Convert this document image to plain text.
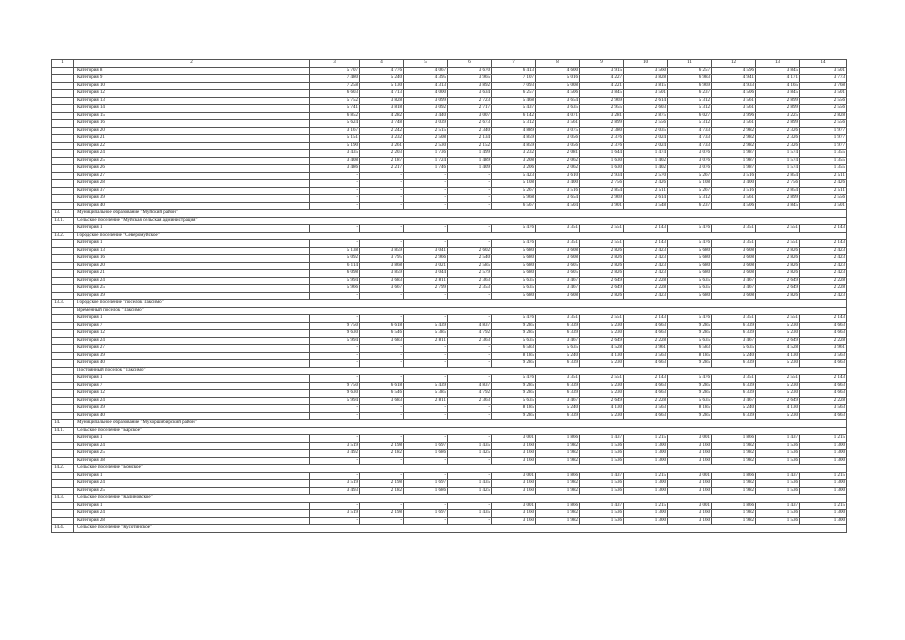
1	2	3	4	5	6	7	8	9	10	11	12	13	14
	Категория 8	5 707	4 776	4 067	3 670	6 413	4 600	3 915	3 560	6 257	4 596	3 845	3 501
	Категория 9	7 480	5 240	4 395	3 965	7 107	5 016	4 227	3 828	6 983	4 941	4 171	3 773
	Категория 10	7 258	5 130	4 313	3 892	7 093	5 008	4 221	3 815	6 969	4 933	4 165	3 768
	Категория 12	6 603	4 713	4 000	3 634	6 257	4 506	3 845	3 501	6 237	4 506	3 845	3 501
	Категория 13	5 752	3 828	3 099	2 723	5 468	3 654	2 969	2 614	5 312	3 561	2 899	2 556
	Категория 14	5 741	3 818	3 092	2 717	5 437	3 635	2 955	2 603	5 312	3 561	2 899	2 556
	Категория 15	6 852	4 282	3 440	3 007	6 142	4 071	3 281	2 875	6 027	3 996	3 225	2 828
	Категория 16	5 624	3 748	3 039	2 673	5 312	3 561	2 899	2 556	5 312	3 561	2 899	2 556
	Категория 20	3 167	2 242	2 515	2 340	4 889	3 075	2 380	2 035	4 733	2 982	2 326	1 977
	Категория 21	5 151	3 232	2 508	2 134	4 859	3 056	2 376	2 024	4 733	2 982	2 326	1 977
	Категория 22	5 190	3 261	2 530	2 152	4 859	3 056	2 376	2 024	4 733	2 982	2 326	1 977
	Категория 24	3 435	2 203	1 736	1 499	3 232	2 081	1 644	1 474	3 076	1 987	1 574	1 355
	Категория 25	3 408	2 187	1 724	1 489	3 208	2 062	1 630	1 402	3 076	1 987	1 574	1 355
	Категория 26	3 486	2 217	1 746	1 409	3 206	2 062	1 630	1 402	3 076	1 987	1 574	1 355
	Категория 27	-	-	-	-	5 423	3 610	2 934	2 570	5 267	3 516	2 854	2 511
	Категория 28	-	-	-	-	5 108	3 400	2 756	2 426	5 108	3 400	2 756	2 426
	Категория 37	-	-	-	-	5 267	3 516	2 854	2 511	5 267	3 516	2 854	2 511
	Категория 39	-	-	-	-	5 968	3 654	2 969	2 614	5 312	3 561	2 899	2 556
	Категория 40	-	-	-	-	6 567	4 504	3 901	3 548	6 237	4 506	3 845	3 501
13.	Муниципальное образование "Муйский район"												
13.1.	Сельское поселение "Муйская сельская администрация"												
	Категория 1	-	-	-	-	5 476	3 351	2 551	2 143	5 476	3 351	2 551	2 143
13.2.	Городское поселение "Северомуйское"												
	Категория 1	-	-	-	-	5 476	3 351	2 551	2 143	5 476	3 351	2 551	2 143
	Категория 13	5 138	3 859	3 041	2 602	5 680	3 608	2 826	2 423	5 680	3 608	2 826	2 423
	Категория 16	5 092	3 795	2 966	2 540	5 680	3 608	2 826	2 423	5 680	3 608	2 826	2 423
	Категория 20	6 114	3 868	3 021	2 585	5 680	3 605	2 826	2 423	5 680	3 608	2 826	2 423
	Категория 21	6 098	3 859	3 044	2 579	5 680	3 605	2 826	2 423	5 680	3 608	2 826	2 423
	Категория 24	5 994	3 683	2 811	2 363	5 635	3 467	2 649	2 228	5 635	3 467	2 649	2 228
	Категория 25	5 966	3 667	2 799	2 353	5 635	3 467	2 649	2 228	5 635	3 467	2 649	2 228
	Категория 39	-	-	-	-	5 680	3 608	2 826	2 423	5 680	3 608	2 826	2 423
13.3.	Городское поселение "поселок Таксимо"												
	Временный поселок "Таксимо"												
	Категория 1	-	-	-	-	5 476	3 351	2 551	2 143	5 476	3 351	2 551	2 143
	Категория 7	9 750	6 618	5 439	4 837	9 285	6 339	5 230	4 663	9 285	6 339	5 230	4 663
	Категория 12	9 630	6 546	5 385	4 792	9 285	6 339	5 230	4 663	9 285	6 339	5 230	4 663
	Категория 24	5 994	3 683	2 811	2 363	5 635	3 467	2 649	2 228	5 635	3 467	2 649	2 228
	Категория 27	-	-	-	-	6 583	5 635	4 528	3 961	6 583	5 635	4 528	3 961
	Категория 39	-	-	-	-	8 185	5 240	4 130	3 563	8 185	5 240	4 130	3 563
	Категория 40	-	-	-	-	9 285	6 339	5 230	4 663	9 285	6 339	5 230	4 663
	Постоянный поселок "Таксимо"												
	Категория 1	-	-	-	-	5 476	3 351	2 551	2 143	5 476	3 351	2 551	2 143
	Категория 7	9 750	6 618	5 439	4 837	9 285	6 339	5 230	4 663	9 285	6 339	5 230	4 663
	Категория 12	9 630	6 546	5 385	4 792	9 285	6 339	5 230	4 663	9 285	6 339	5 230	4 663
	Категория 24	5 994	3 683	2 811	2 363	5 635	3 467	2 649	2 228	5 635	3 467	2 649	2 228
	Категория 39	-	-	-	-	8 185	5 240	4 130	3 563	8 185	5 240	4 130	3 563
	Категория 40	-	-	-	-	9 285	6 339	5 230	4 663	9 285	6 339	5 230	4 663
14.	Муниципальное образование "Мухоршибирский район"												
14.1.	Сельское поселение "Барское"												
	Категория 1	-	-	-	-	3 001	1 866	1 437	1 215	3 001	1 866	1 437	1 215
	Категория 24	3 519	2 198	1 697	1 435	3 160	1 982	1 536	1 300	3 160	1 982	1 536	1 300
	Категория 25	3 492	2 182	1 686	1 425	3 160	1 982	1 536	1 300	3 160	1 982	1 536	1 300
	Категория 38	-	-	-	-	3 160	1 982	1 536	1 300	3 160	1 982	1 536	1 300
14.2.	Сельское поселение "Бомское"												
	Категория 1	-	-	-	-	3 001	1 866	1 437	1 215	3 001	1 866	1 437	1 215
	Категория 24	3 519	2 198	1 697	1 435	3 160	1 982	1 536	1 300	3 160	1 982	1 536	1 300
	Категория 25	3 493	2 182	1 686	1 425	3 160	1 982	1 536	1 300	3 160	1 982	1 536	1 300
14.3.	Сельское поселение "Калиновское"												
	Категория 1	-	-	-	-	3 001	1 866	1 437	1 215	3 001	1 866	1 437	1 215
	Категория 24	3 519	2 198	1 697	1 435	3 160	1 982	1 536	1 300	3 160	1 982	1 536	1 300
	Категория 28	-	-	-	-	3 160	1 982	1 536	1 300	3 160	1 982	1 536	1 300
14.4.	Сельское поселение "Кусотинское"												
